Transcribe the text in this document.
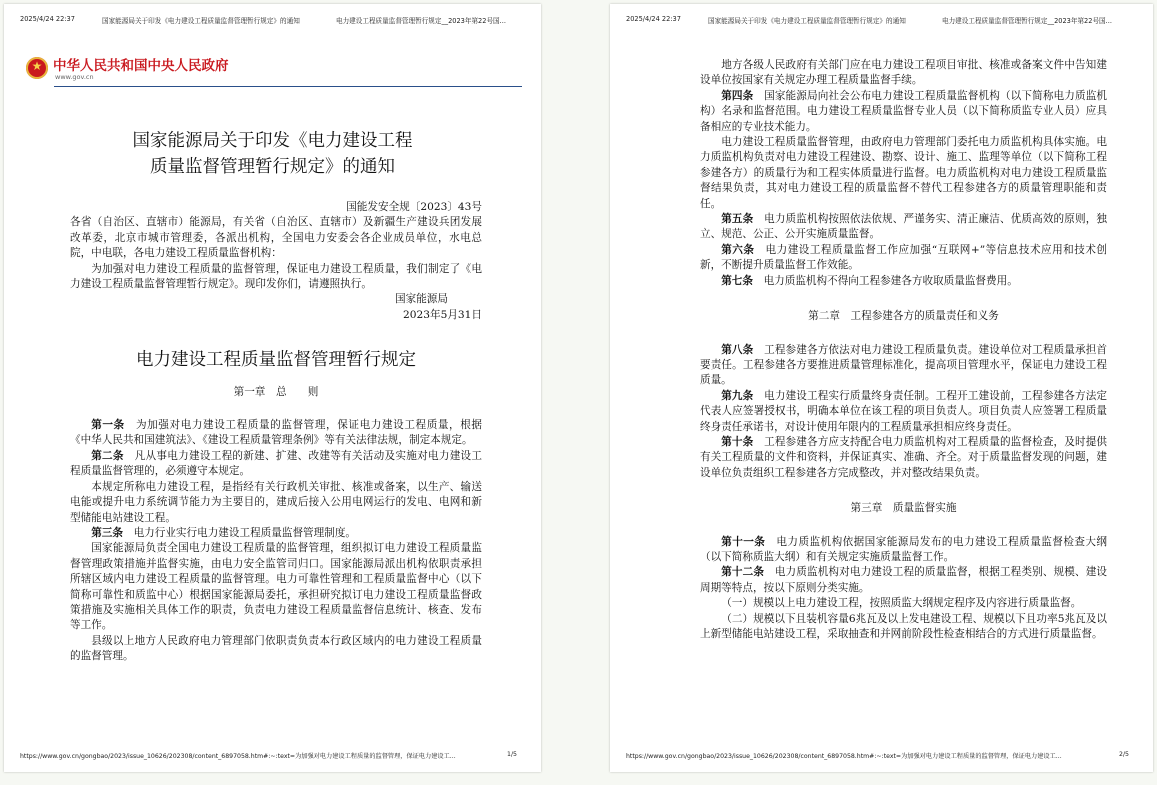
2025/4/24 22:37	国家能源局关于印发《电力建设工程质量监督管理暂行规定》的通知	电力建设工程质量监督管理暂行规定__2023年第22号国...
★
中华人民共和国中央人民政府
www.gov.cn
国家能源局关于印发《电力建设工程
质量监督管理暂行规定》的通知

国能发安全规〔2023〕43号

各省（自治区、直辖市）能源局，有关省（自治区、直辖市）及新疆生产建设兵团发展改革委，北京市城市管理委，各派出机构，全国电力安委会各企业成员单位，水电总院，中电联，各电力建设工程质量监督机构：

为加强对电力建设工程质量的监督管理，保证电力建设工程质量，我们制定了《电力建设工程质量监督管理暂行规定》。现印发你们，请遵照执行。

国家能源局

2023年5月31日

电力建设工程质量监督管理暂行规定
第一章　总　　则

第一条　 为加强对电力建设工程质量的监督管理，保证电力建设工程质量，根据《中华人民共和国建筑法》、《建设工程质量管理条例》等有关法律法规，制定本规定。

第二条　 凡从事电力建设工程的新建、扩建、改建等有关活动及实施对电力建设工程质量监督管理的，必须遵守本规定。

本规定所称电力建设工程，是指经有关行政机关审批、核准或备案，以生产、输送电能或提升电力系统调节能力为主要目的，建成后接入公用电网运行的发电、电网和新型储能电站建设工程。

第三条　 电力行业实行电力建设工程质量监督管理制度。

国家能源局负责全国电力建设工程质量的监督管理，组织拟订电力建设工程质量监督管理政策措施并监督实施，由电力安全监管司归口。国家能源局派出机构依职责承担所辖区域内电力建设工程质量的监督管理。电力可靠性管理和工程质量监督中心（以下简称可靠性和质监中心）根据国家能源局委托，承担研究拟订电力建设工程质量监督政策措施及实施相关具体工作的职责，负责电力建设工程质量监督信息统计、核查、发布等工作。

县级以上地方人民政府电力管理部门依职责负责本行政区域内的电力建设工程质量的监督管理。

https://www.gov.cn/gongbao/2023/issue_10626/202308/content_6897058.htm#:~:text=为加强对电力建设工程质量的监督管理，保证电力建设工...	1/5
2025/4/24 22:37	国家能源局关于印发《电力建设工程质量监督管理暂行规定》的通知	电力建设工程质量监督管理暂行规定__2023年第22号国...

地方各级人民政府有关部门应在电力建设工程项目审批、核准或备案文件中告知建设单位按国家有关规定办理工程质量监督手续。

第四条　 国家能源局向社会公布电力建设工程质量监督机构（以下简称电力质监机构）名录和监督范围。电力建设工程质量监督专业人员（以下简称质监专业人员）应具备相应的专业技术能力。

电力建设工程质量监督管理，由政府电力管理部门委托电力质监机构具体实施。电力质监机构负责对电力建设工程建设、勘察、设计、施工、监理等单位（以下简称工程参建各方）的质量行为和工程实体质量进行监督。电力质监机构对电力建设工程质量监督结果负责，其对电力建设工程的质量监督不替代工程参建各方的质量管理职能和责任。

第五条　 电力质监机构按照依法依规、严谨务实、清正廉洁、优质高效的原则，独立、规范、公正、公开实施质量监督。

第六条　 电力建设工程质量监督工作应加强“互联网+”等信息技术应用和技术创新，不断提升质量监督工作效能。

第七条　 电力质监机构不得向工程参建各方收取质量监督费用。

第二章　工程参建各方的质量责任和义务

第八条　 工程参建各方依法对电力建设工程质量负责。建设单位对工程质量承担首要责任。工程参建各方要推进质量管理标准化，提高项目管理水平，保证电力建设工程质量。

第九条　 电力建设工程实行质量终身责任制。工程开工建设前，工程参建各方法定代表人应签署授权书，明确本单位在该工程的项目负责人。项目负责人应签署工程质量终身责任承诺书，对设计使用年限内的工程质量承担相应终身责任。

第十条　 工程参建各方应支持配合电力质监机构对工程质量的监督检查，及时提供有关工程质量的文件和资料，并保证真实、准确、齐全。对于质量监督发现的问题，建设单位负责组织工程参建各方完成整改，并对整改结果负责。

第三章　质量监督实施

第十一条　 电力质监机构依据国家能源局发布的电力建设工程质量监督检查大纲（以下简称质监大纲）和有关规定实施质量监督工作。

第十二条　 电力质监机构对电力建设工程的质量监督，根据工程类别、规模、建设周期等特点，按以下原则分类实施。

（一）规模以上电力建设工程，按照质监大纲规定程序及内容进行质量监督。

（二）规模以下且装机容量6兆瓦及以上发电建设工程、规模以下且功率5兆瓦及以上新型储能电站建设工程，采取抽查和并网前阶段性检查相结合的方式进行质量监督。

https://www.gov.cn/gongbao/2023/issue_10626/202308/content_6897058.htm#:~:text=为加强对电力建设工程质量的监督管理，保证电力建设工...	2/5
